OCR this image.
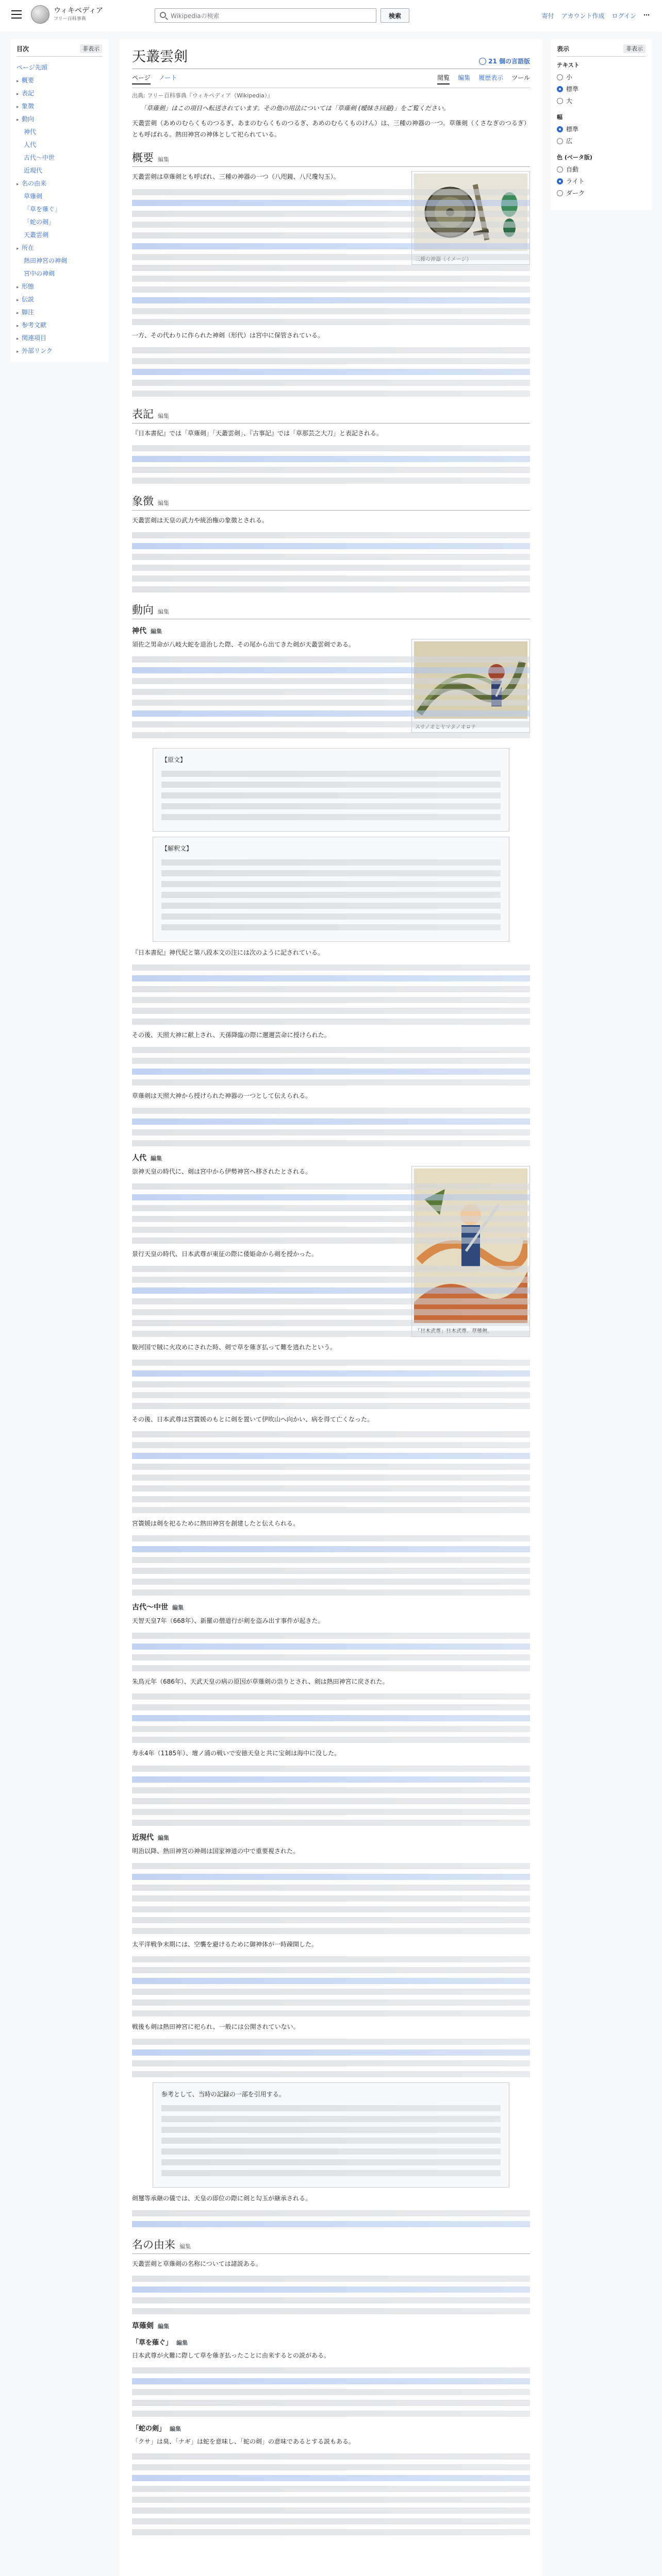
ウィキペディア
フリー百科事典	Wikipediaの検索	検索	寄付 アカウント作成 ログイン ⋯
目次	非表示
ページ先頭
▸ 概要
▸ 表記
▸ 象徴
▸ 動向
神代
人代
古代〜中世
近現代
▸ 名の由来
草薙剣
「草を薙ぐ」
「蛇の剣」
天叢雲剣
▸ 所在
熱田神宮の神剣
宮中の神剣
▸ 形態
▸ 伝説
▸ 脚注
▸ 参考文献
▸ 関連項目
▸ 外部リンク
天叢雲剣	21 個の言語版
ページ ノート	閲覧 編集 履歴表示 ツール
出典: フリー百科事典『ウィキペディア（Wikipedia）』
「草薙剣」はこの項目へ転送されています。その他の用法については「草薙剣 (曖昧さ回避)」をご覧ください。

天叢雲剣（あめのむらくものつるぎ、あまのむらくものつるぎ、あめのむらくものけん）は、三種の神器の一つ。草薙剣（くさなぎのつるぎ）とも呼ばれる。熱田神宮の神体として祀られている。

概要 編集

天叢雲剣は草薙剣とも呼ばれ、三種の神器の一つ（八咫鏡、八尺瓊勾玉）。

一方、その代わりに作られた神剣（形代）は宮中に保管されている。

表記 編集

『日本書紀』では「草薙剣」「天叢雲剣」、『古事記』では「草那芸之大刀」と表記される。

象徴 編集

天叢雲剣は天皇の武力や統治権の象徴とされる。

動向 編集
神代 編集

須佐之男命が八岐大蛇を退治した際、その尾から出てきた剣が天叢雲剣である。

【原文】
【解釈文】

『日本書紀』神代紀と第八段本文の注には次のように記されている。

その後、天照大神に献上され、天孫降臨の際に邇邇芸命に授けられた。

草薙剣は天照大神から授けられた神器の一つとして伝えられる。

人代 編集

崇神天皇の時代に、剣は宮中から伊勢神宮へ移されたとされる。

景行天皇の時代、日本武尊が東征の際に倭姫命から剣を授かった。

駿河国で賊に火攻めにされた時、剣で草を薙ぎ払って難を逃れたという。

その後、日本武尊は宮簀媛のもとに剣を置いて伊吹山へ向かい、病を得て亡くなった。

宮簀媛は剣を祀るために熱田神宮を創建したと伝えられる。

古代〜中世 編集

天智天皇7年（668年）、新羅の僧道行が剣を盗み出す事件が起きた。

朱鳥元年（686年）、天武天皇の病の原因が草薙剣の祟りとされ、剣は熱田神宮に戻された。

寿永4年（1185年）、壇ノ浦の戦いで安徳天皇と共に宝剣は海中に没した。

近現代 編集

明治以降、熱田神宮の神剣は国家神道の中で重要視された。

太平洋戦争末期には、空襲を避けるために御神体が一時疎開した。

戦後も剣は熱田神宮に祀られ、一般には公開されていない。

参考として、当時の記録の一部を引用する。

剣璽等承継の儀では、天皇の即位の際に剣と勾玉が継承される。

名の由来 編集

天叢雲剣と草薙剣の名称については諸説ある。

草薙剣 編集
「草を薙ぐ」 編集

日本武尊が火難に際して草を薙ぎ払ったことに由来するとの説がある。

「蛇の剣」 編集

「クサ」は臭、「ナギ」は蛇を意味し、「蛇の剣」の意味であるとする説もある。

表示	非表示
テキスト
小
標準
大
幅
標準
広
色 (ベータ版)
自動
ライト
ダーク
